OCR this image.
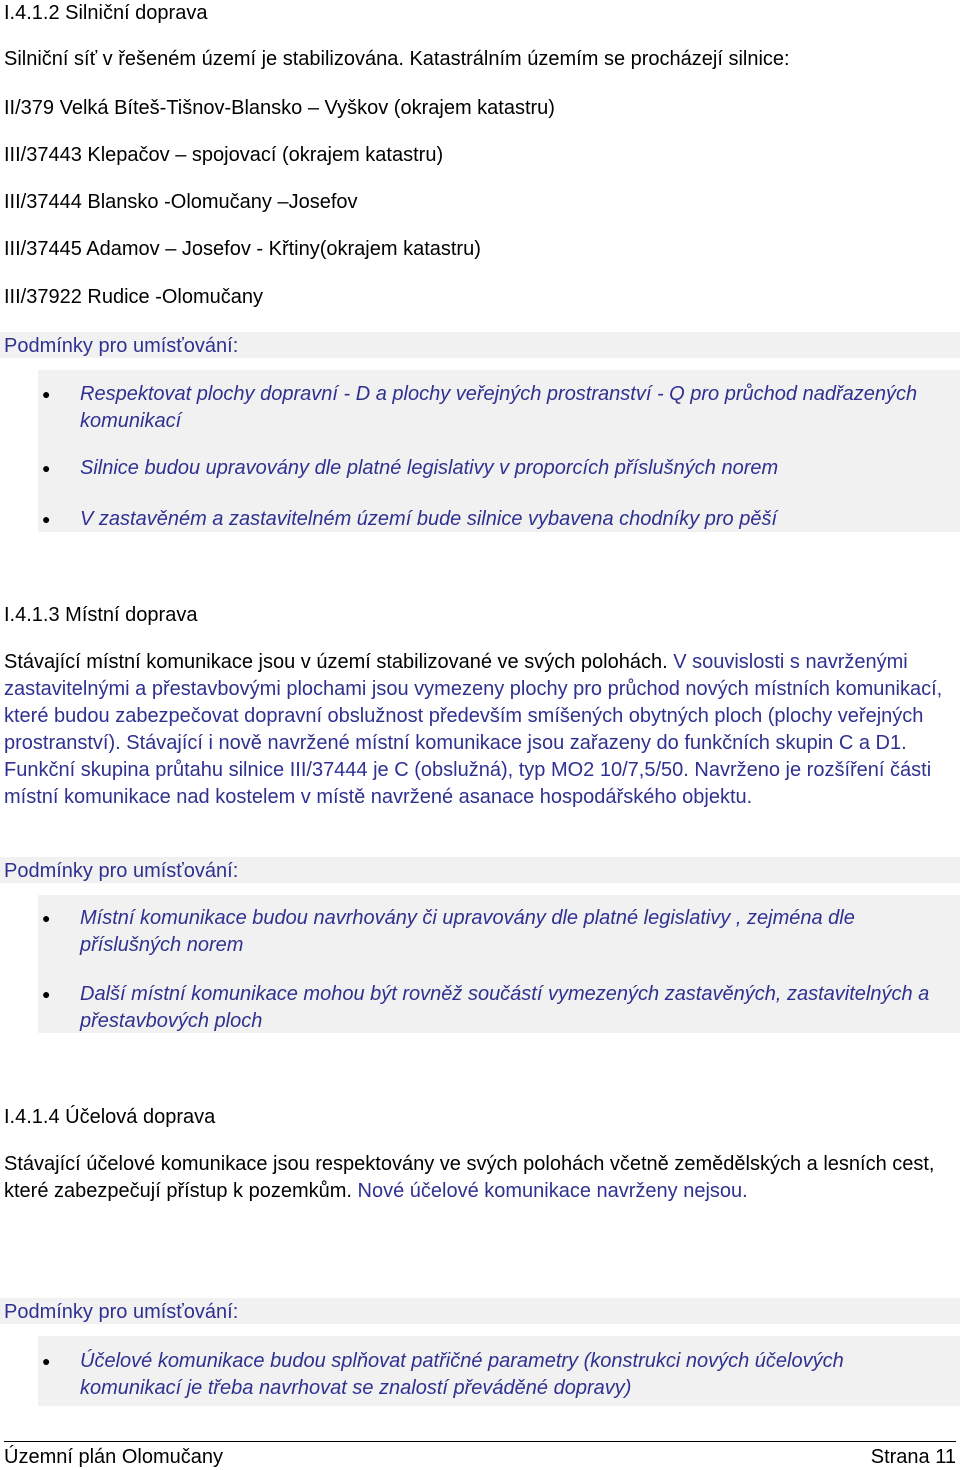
I.4.1.2 Silniční doprava
Silniční síť v řešeném území je stabilizována. Katastrálním územím se procházejí silnice:
II/379 Velká Bíteš-Tišnov-Blansko – Vyškov (okrajem katastru)
III/37443 Klepačov – spojovací (okrajem katastru)
III/37444 Blansko -Olomučany –Josefov
III/37445 Adamov – Josefov - Křtiny(okrajem katastru)
III/37922 Rudice -Olomučany
Podmínky pro umísťování:
● Respektovat plochy dopravní - D a plochy veřejných prostranství - Q pro průchod nadřazených komunikací
● Silnice budou upravovány dle platné legislativy v proporcích příslušných norem
● V zastavěném a zastavitelném území bude silnice vybavena chodníky pro pěší
I.4.1.3 Místní doprava
Stávající místní komunikace jsou v území stabilizované ve svých polohách. V souvislosti s navrženými zastavitelnými a přestavbovými plochami jsou vymezeny plochy pro průchod nových místních komunikací, které budou zabezpečovat dopravní obslužnost především smíšených obytných ploch (plochy veřejných prostranství). Stávající i nově navržené místní komunikace jsou zařazeny do funkčních skupin C a D1. Funkční skupina průtahu silnice III/37444 je C (obslužná), typ MO2 10/7,5/50. Navrženo je rozšíření části místní komunikace nad kostelem v místě navržené asanace hospodářského objektu.
Podmínky pro umísťování:
● Místní komunikace budou navrhovány či upravovány dle platné legislativy , zejména dle příslušných norem
● Další místní komunikace mohou být rovněž součástí vymezených zastavěných, zastavitelných a přestavbových ploch
I.4.1.4 Účelová doprava
Stávající účelové komunikace jsou respektovány ve svých polohách včetně zemědělských a lesních cest, které zabezpečují přístup k pozemkům. Nové účelové komunikace navrženy nejsou.
Podmínky pro umísťování:
● Účelové komunikace budou splňovat patřičné parametry (konstrukci nových účelových komunikací je třeba navrhovat se znalostí převáděné dopravy)
Územní plán Olomučany	Strana 11
